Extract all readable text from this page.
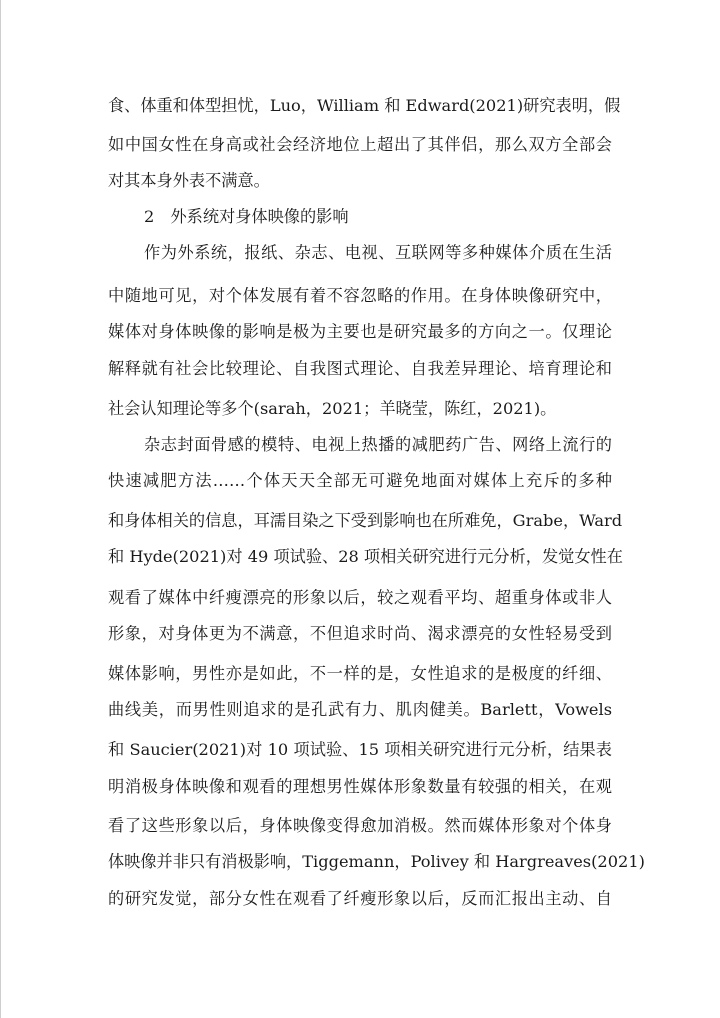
食、体重和体型担忧，Luo，William 和 Edward(2021)研究表明，假
如中国女性在身高或社会经济地位上超出了其伴侣，那么双方全部会
对其本身外表不满意。
2　外系统对身体映像的影响
作为外系统，报纸、杂志、电视、互联网等多种媒体介质在生活
中随地可见，对个体发展有着不容忽略的作用。在身体映像研究中，
媒体对身体映像的影响是极为主要也是研究最多的方向之一。仅理论
解释就有社会比较理论、自我图式理论、自我差异理论、培育理论和
社会认知理论等多个(sarah，2021；羊晓莹，陈红，2021)。
杂志封面骨感的模特、电视上热播的减肥药广告、网络上流行的
快速减肥方法……个体天天全部无可避免地面对媒体上充斥的多种
和身体相关的信息，耳濡目染之下受到影响也在所难免，Grabe，Ward
和 Hyde(2021)对 49 项试验、28 项相关研究进行元分析，发觉女性在
观看了媒体中纤瘦漂亮的形象以后，较之观看平均、超重身体或非人
形象，对身体更为不满意，不但追求时尚、渴求漂亮的女性轻易受到
媒体影响，男性亦是如此，不一样的是，女性追求的是极度的纤细、
曲线美，而男性则追求的是孔武有力、肌肉健美。Barlett，Vowels
和 Saucier(2021)对 10 项试验、15 项相关研究进行元分析，结果表
明消极身体映像和观看的理想男性媒体形象数量有较强的相关，在观
看了这些形象以后，身体映像变得愈加消极。然而媒体形象对个体身
体映像并非只有消极影响，Tiggemann，Polivey 和 Hargreaves(2021)
的研究发觉，部分女性在观看了纤瘦形象以后，反而汇报出主动、自
